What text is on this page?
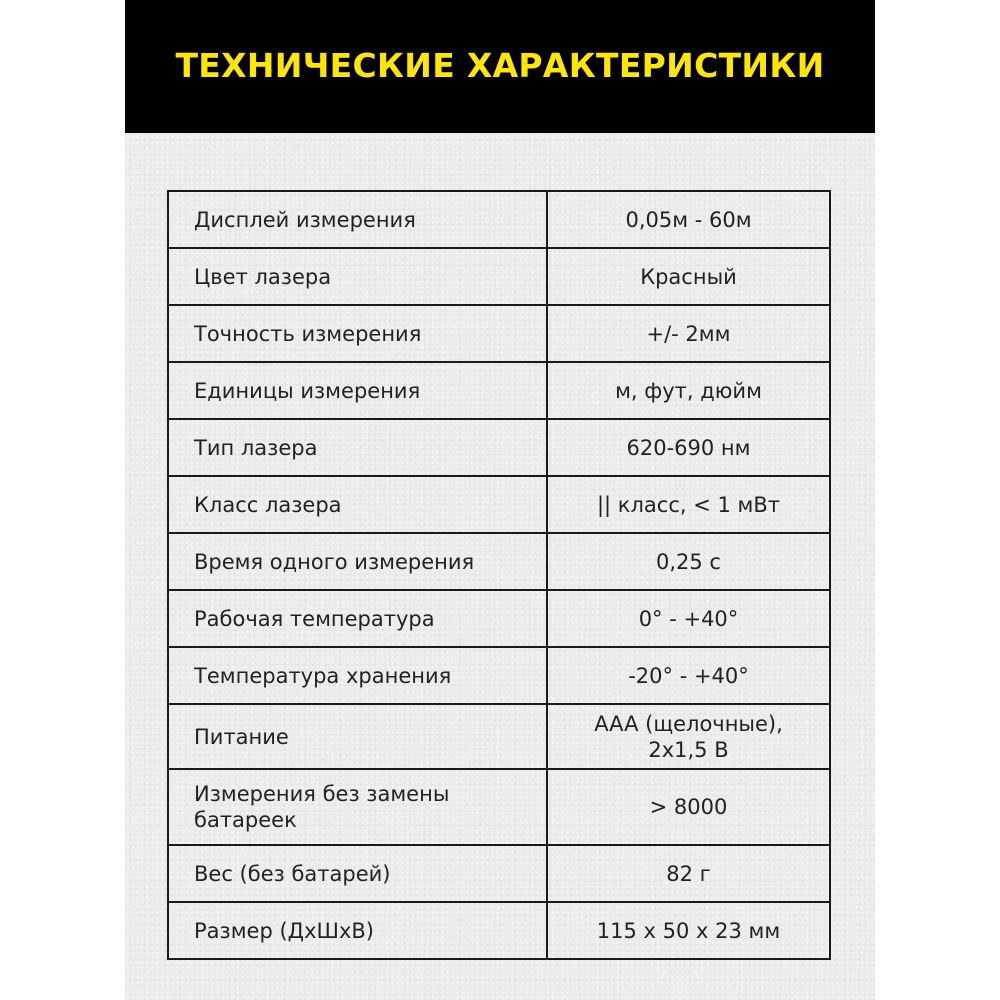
ТЕХНИЧЕСКИЕ ХАРАКТЕРИСТИКИ
Дисплей измерения	0,05м - 60м
Цвет лазера	Красный
Точность измерения	+/- 2мм
Единицы измерения	м, фут, дюйм
Тип лазера	620-690 нм
Класс лазера	|| класс, < 1 мВт
Время одного измерения	0,25 с
Рабочая температура	0° - +40°
Температура хранения	-20° - +40°
Питание	AAA (щелочные),
2x1,5 В
Измерения без замены
батареек	> 8000
Вес (без батарей)	82 г
Размер (ДхШхВ)	115 x 50 x 23 мм
